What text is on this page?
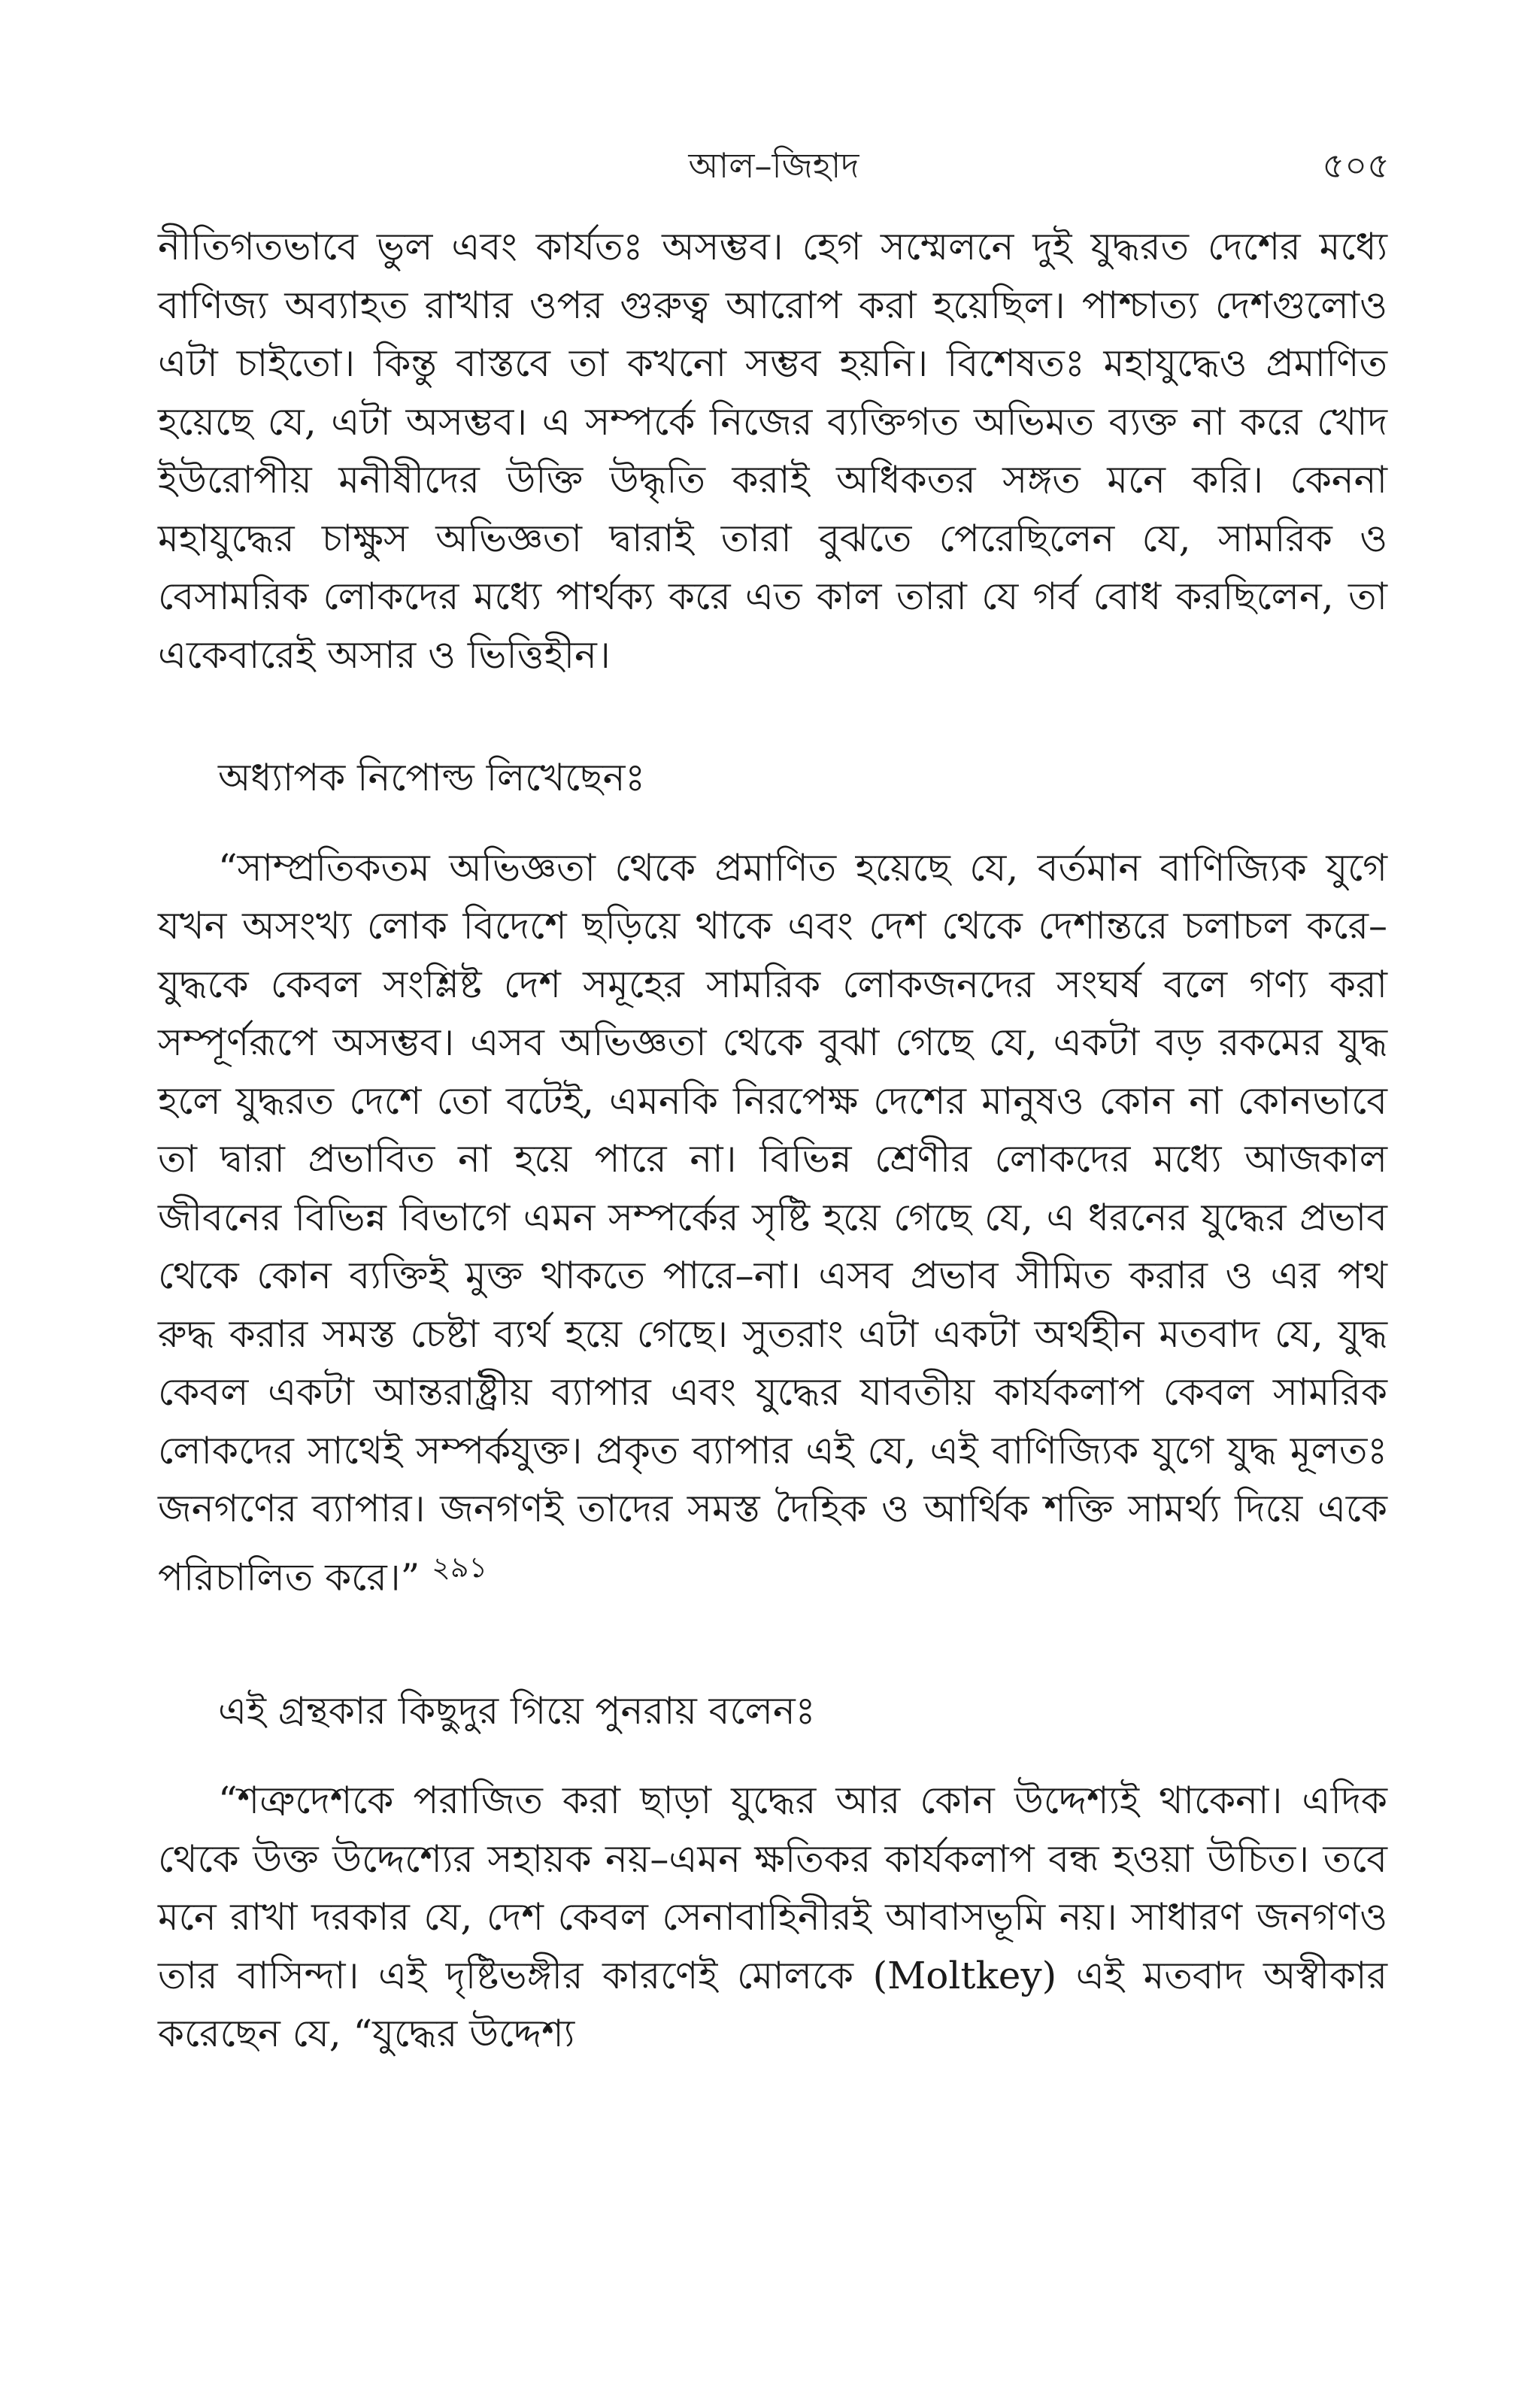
আল–জিহাদ	৫০৫

নীতিগতভাবে ভুল এবং কার্যতঃ অসম্ভব। হেগ সম্মেলনে দুই যুদ্ধরত দেশের মধ্যে বাণিজ্য অব্যাহত রাখার ওপর গুরুত্ব আরোপ করা হয়েছিল। পাশ্চাত্য দেশগুলোও এটা চাইতো। কিন্তু বাস্তবে তা কখনো সম্ভব হয়নি। বিশেষতঃ মহাযুদ্ধেও প্রমাণিত হয়েছে যে, এটা অসম্ভব। এ সম্পর্কে নিজের ব্যক্তিগত অভিমত ব্যক্ত না করে খোদ ইউরোপীয় মনীষীদের উক্তি উদ্ধৃতি করাই অধিকতর সঙ্গত মনে করি। কেননা মহাযুদ্ধের চাক্ষুস অভিজ্ঞতা দ্বারাই তারা বুঝতে পেরেছিলেন যে, সামরিক ও বেসামরিক লোকদের মধ্যে পার্থক্য করে এত কাল তারা যে গর্ব বোধ করছিলেন, তা একেবারেই অসার ও ভিত্তিহীন।

অধ্যাপক নিপোল্ড লিখেছেনঃ

“সাম্প্রতিকতম অভিজ্ঞতা থেকে প্রমাণিত হয়েছে যে, বর্তমান বাণিজ্যিক যুগে যখন অসংখ্য লোক বিদেশে ছড়িয়ে থাকে এবং দেশ থেকে দেশান্তরে চলাচল করে–যুদ্ধকে কেবল সংশ্লিষ্ট দেশ সমূহের সামরিক লোকজনদের সংঘর্ষ বলে গণ্য করা সম্পূর্ণরূপে অসম্ভব। এসব অভিজ্ঞতা থেকে বুঝা গেছে যে, একটা বড় রকমের যুদ্ধ হলে যুদ্ধরত দেশে তো বটেই, এমনকি নিরপেক্ষ দেশের মানুষও কোন না কোনভাবে তা দ্বারা প্রভাবিত না হয়ে পারে না। বিভিন্ন শ্রেণীর লোকদের মধ্যে আজকাল জীবনের বিভিন্ন বিভাগে এমন সম্পর্কের সৃষ্টি হয়ে গেছে যে, এ ধরনের যুদ্ধের প্রভাব থেকে কোন ব্যক্তিই মুক্ত থাকতে পারে–না। এসব প্রভাব সীমিত করার ও এর পথ রুদ্ধ করার সমস্ত চেষ্টা ব্যর্থ হয়ে গেছে। সুতরাং এটা একটা অর্থহীন মতবাদ যে, যুদ্ধ কেবল একটা আন্তরাষ্ট্রীয় ব্যাপার এবং যুদ্ধের যাবতীয় কার্যকলাপ কেবল সামরিক লোকদের সাথেই সম্পর্কযুক্ত। প্রকৃত ব্যাপার এই যে, এই বাণিজ্যিক যুগে যুদ্ধ মূলতঃ জনগণের ব্যাপার। জনগণই তাদের সমস্ত দৈহিক ও আর্থিক শক্তি সামর্থ্য দিয়ে একে পরিচালিত করে।” $^{২৯১}$

এই গ্রন্থকার কিছুদুর গিয়ে পুনরায় বলেনঃ

“শত্রুদেশকে পরাজিত করা ছাড়া যুদ্ধের আর কোন উদ্দেশ্যই থাকেনা। এদিক থেকে উক্ত উদ্দেশ্যের সহায়ক নয়–এমন ক্ষতিকর কার্যকলাপ বন্ধ হওয়া উচিত। তবে মনে রাখা দরকার যে, দেশ কেবল সেনাবাহিনীরই আবাসভূমি নয়। সাধারণ জনগণও তার বাসিন্দা। এই দৃষ্টিভঙ্গীর কারণেই মোলকে (Moltkey) এই মতবাদ অস্বীকার করেছেন যে, “যুদ্ধের উদ্দেশ্য
